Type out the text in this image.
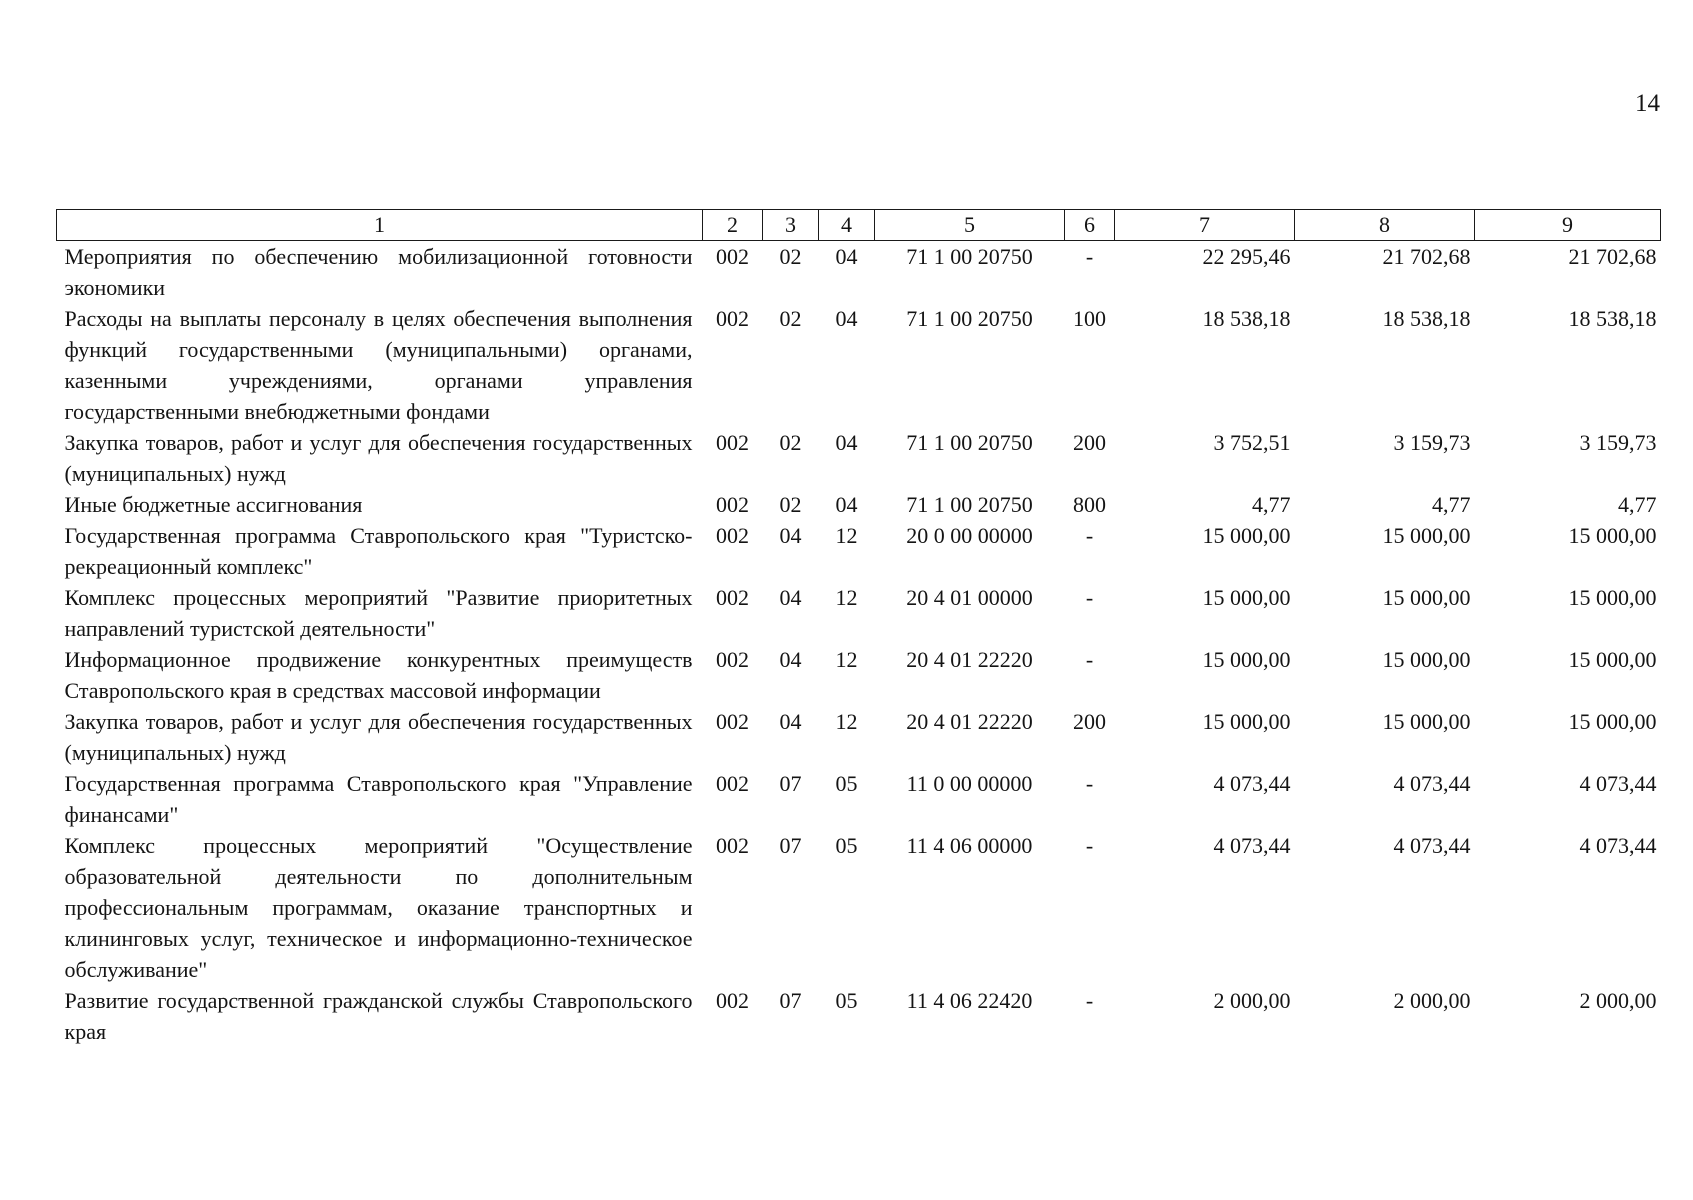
14
1	2	3	4	5	6	7	8	9
Мероприятия по обеспечению мобилизационной готовности экономики	002	02	04	71 1 00 20750	-	22 295,46	21 702,68	21 702,68
Расходы на выплаты персоналу в целях обеспечения выполнения функций государственными (муниципальными) органами, казенными учреждениями, органами управления государственными внебюджетными фондами	002	02	04	71 1 00 20750	100	18 538,18	18 538,18	18 538,18
Закупка товаров, работ и услуг для обеспечения государственных (муниципальных) нужд	002	02	04	71 1 00 20750	200	3 752,51	3 159,73	3 159,73
Иные бюджетные ассигнования	002	02	04	71 1 00 20750	800	4,77	4,77	4,77
Государственная программа Ставропольского края "Туристско-рекреационный комплекс"	002	04	12	20 0 00 00000	-	15 000,00	15 000,00	15 000,00
Комплекс процессных мероприятий "Развитие приоритетных направлений туристской деятельности"	002	04	12	20 4 01 00000	-	15 000,00	15 000,00	15 000,00
Информационное продвижение конкурентных преимуществ Ставропольского края в средствах массовой информации	002	04	12	20 4 01 22220	-	15 000,00	15 000,00	15 000,00
Закупка товаров, работ и услуг для обеспечения государственных (муниципальных) нужд	002	04	12	20 4 01 22220	200	15 000,00	15 000,00	15 000,00
Государственная программа Ставропольского края "Управление финансами"	002	07	05	11 0 00 00000	-	4 073,44	4 073,44	4 073,44
Комплекс процессных мероприятий "Осуществление образовательной деятельности по дополнительным профессиональным программам, оказание транспортных и клининговых услуг, техническое и информационно-техническое обслуживание"	002	07	05	11 4 06 00000	-	4 073,44	4 073,44	4 073,44
Развитие государственной гражданской службы Ставропольского края	002	07	05	11 4 06 22420	-	2 000,00	2 000,00	2 000,00
